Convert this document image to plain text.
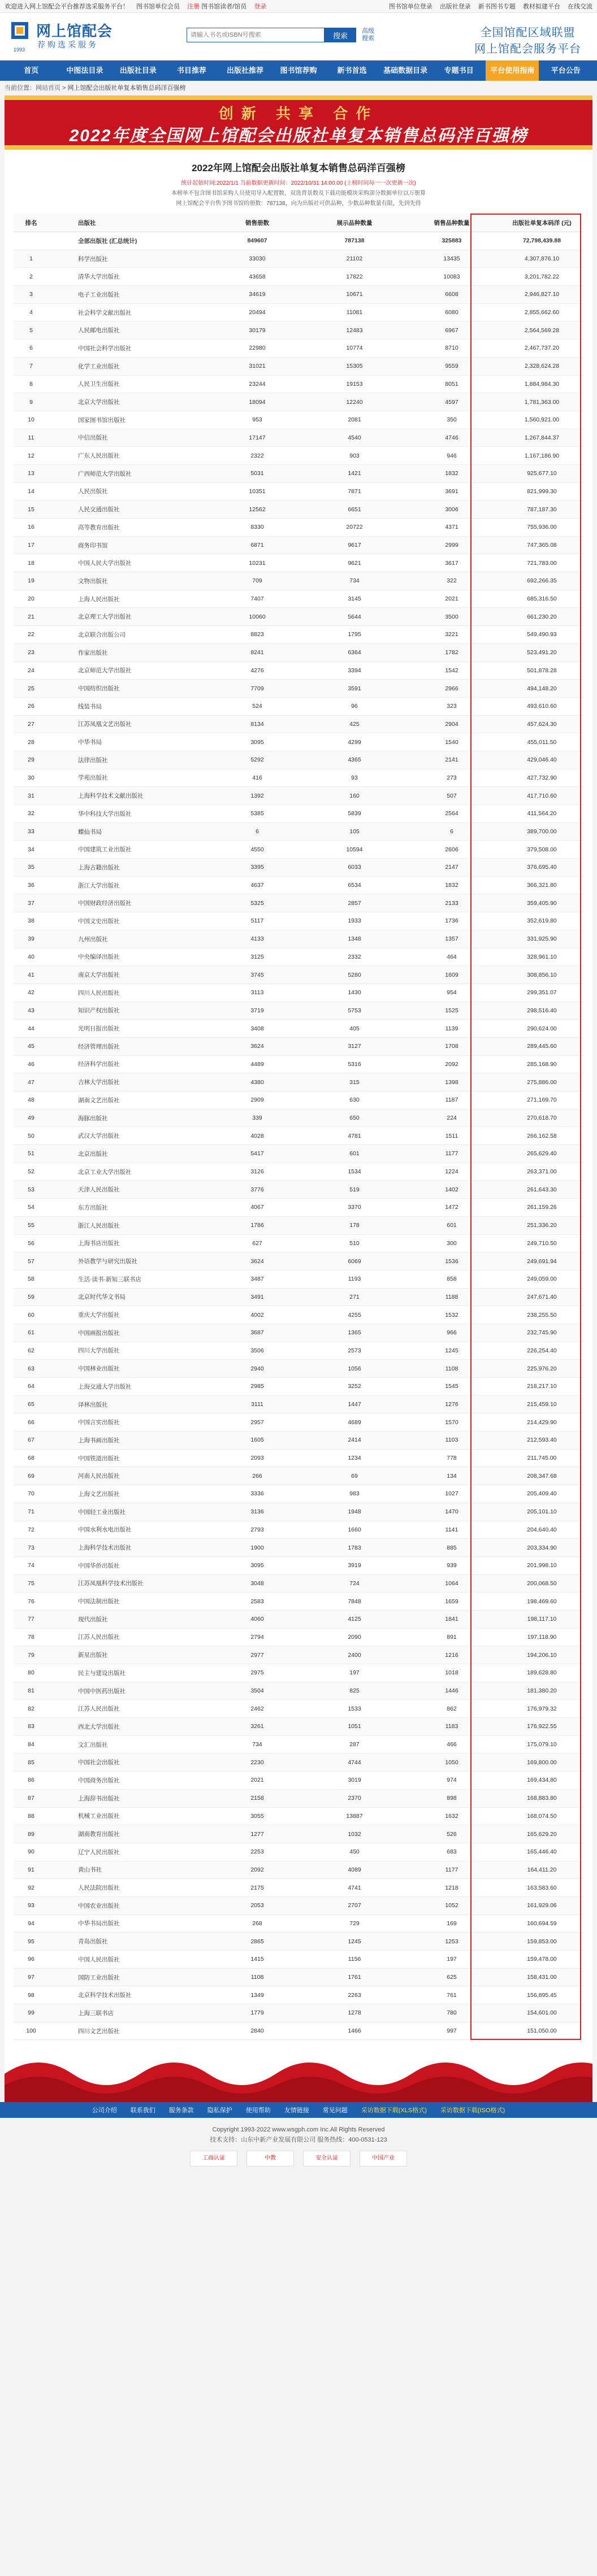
欢迎进入网上馆配会平台推荐选采服务平台！ 图书馆单位会员 注册 图书馆读者/馆员 登录	图书馆单位登录 出版社登录 新书图书专题 教材拟建平台 在线交流
网上馆配会
荐购选采服务
1993
请输入书名或ISBN号搜索
搜索
高级搜索	全国馆配区域联盟
网上馆配会服务平台
首页	中图法目录	出版社目录	书目推荐	出版社推荐	图书馆荐购	新书首选	基础数据目录	专题书目	平台使用指南	平台公告
当前位置：网站首页 > 网上馆配会出版社单复本销售总码洋百强榜
创新 共享 合作
2022年度全国网上馆配会出版社单复本销售总码洋百强榜
2022年网上馆配会出版社单复本销售总码洋百强榜
统计起始时间:2022/1/1 当前数据更新时间：2022/10/31 14:00:00 (上榜时间每一一次更新一次)
本榜单不包含图书馆采购人员使用导入配置数，双选背景数及下载功能模块采购部分数据单位以万册算
网上馆配会平台售予图书馆的册数：787138，向为出版社可供品种，少数品种数量有限，先到先得
排名	出版社	销售册数	展示品种数量	销售品种数量	出版社单复本码洋 (元)
	全部出版社 (汇总统计)	849607	787138	325883	72,798,439.88
1	科学出版社	33030	21102	13435	4,307,876.10
2	清华大学出版社	43658	17822	10083	3,201,782.22
3	电子工业出版社	34619	10671	6608	2,946,827.10
4	社会科学文献出版社	20494	11081	6080	2,855,662.60
5	人民邮电出版社	30179	12483	6967	2,564,569.28
6	中国社会科学出版社	22980	10774	8710	2,467,737.20
7	化学工业出版社	31021	15305	9559	2,328,624.28
8	人民卫生出版社	23244	19153	8051	1,884,984.30
9	北京大学出版社	18094	12240	4597	1,781,363.00
10	国家图书馆出版社	953	2081	350	1,560,921.00
11	中信出版社	17147	4540	4746	1,267,844.37
12	广东人民出版社	2322	903	946	1,167,186.90
13	广西师范大学出版社	5031	1421	1832	925,677.10
14	人民出版社	10351	7871	3691	821,999.30
15	人民交通出版社	12562	6651	3006	787,187.30
16	高等教育出版社	8330	20722	4371	755,936.00
17	商务印书馆	6871	9617	2999	747,365.08
18	中国人民大学出版社	10231	9621	3617	721,783.00
19	文物出版社	709	734	322	692,266.35
20	上海人民出版社	7407	3145	2021	685,316.50
21	北京理工大学出版社	10060	5644	3500	661,230.20
22	北京联合出版公司	8823	1795	3221	549,490.93
23	作家出版社	8241	6364	1782	523,491.20
24	北京师范大学出版社	4276	3394	1542	501,878.28
25	中国纺织出版社	7709	3591	2966	494,148.20
26	线装书局	524	96	323	493,610.60
27	江苏凤凰文艺出版社	8134	425	2904	457,624.30
28	中华书局	3095	4299	1540	455,011.50
29	法律出版社	5292	4365	2141	429,046.40
30	学苑出版社	416	93	273	427,732.90
31	上海科学技术文献出版社	1392	160	507	417,710.60
32	华中科技大学出版社	5385	5839	2564	411,564.20
33	蝶仙书局	6	105	6	389,700.00
34	中国建筑工业出版社	4550	10594	2606	379,508.00
35	上海古籍出版社	3395	6033	2147	376,695.40
36	浙江大学出版社	4637	6534	1832	366,321.80
37	中国财政经济出版社	5325	2857	2133	359,405.90
38	中国文史出版社	5117	1933	1736	352,619.80
39	九州出版社	4133	1348	1357	331,925.90
40	中央编译出版社	3125	2332	464	328,961.10
41	南京大学出版社	3745	5280	1609	308,856.10
42	四川人民出版社	3113	1430	954	299,351.07
43	知识产权出版社	3719	5753	1525	298,516.40
44	光明日报出版社	3408	405	1139	290,624.00
45	经济管理出版社	3624	3127	1708	289,445.60
46	经济科学出版社	4489	5316	2092	285,168.90
47	吉林大学出版社	4380	315	1398	275,886.00
48	湖南文艺出版社	2909	630	1187	271,169.70
49	海豚出版社	339	650	224	270,618.70
50	武汉大学出版社	4028	4781	1511	266,162.58
51	北京出版社	5417	601	1177	265,629.40
52	北京工业大学出版社	3126	1534	1224	263,371.00
53	天津人民出版社	3776	519	1402	261,643.30
54	东方出版社	4067	3370	1472	261,159.26
55	浙江人民出版社	1786	178	601	251,336.20
56	上海书店出版社	627	510	300	249,710.50
57	外语教学与研究出版社	3624	6069	1536	249,691.94
58	生活·读书·新知三联书店	3487	1193	858	249,059.00
59	北京时代华文书局	3491	271	1188	247,671.40
60	重庆大学出版社	4002	4255	1532	238,255.50
61	中国画报出版社	3687	1365	966	232,745.90
62	四川大学出版社	3506	2573	1245	226,254.40
63	中国林业出版社	2940	1056	1108	225,976.20
64	上海交通大学出版社	2985	3252	1545	218,217.10
65	译林出版社	3111	1447	1276	215,459.10
66	中国言实出版社	2957	4689	1570	214,429.90
67	上海书画出版社	1605	2414	1103	212,593.40
68	中国铁道出版社	2093	1234	778	211,745.00
69	河南人民出版社	266	69	134	208,347.68
70	上海文艺出版社	3336	983	1027	205,409.40
71	中国轻工业出版社	3136	1948	1470	205,101.10
72	中国水利水电出版社	2793	1660	1141	204,640.40
73	上海科学技术出版社	1900	1783	885	203,334.90
74	中国华侨出版社	3095	3919	939	201,998.10
75	江苏凤凰科学技术出版社	3048	724	1064	200,068.50
76	中国法制出版社	2583	7848	1659	198,469.60
77	现代出版社	4060	4125	1841	198,117.10
78	江苏人民出版社	2794	2090	891	197,118.90
79	新星出版社	2977	2400	1216	194,206.10
80	民主与建设出版社	2975	197	1018	189,628.80
81	中国中医药出版社	3504	825	1446	181,380.20
82	江苏人民出版社	2462	1533	862	176,979.32
83	西北大学出版社	3261	1051	1183	176,922.55
84	文汇出版社	734	287	466	175,079.10
85	中国社会出版社	2230	4744	1050	169,800.00
86	中国商务出版社	2021	3019	974	169,434.80
87	上海辞书出版社	2158	2370	898	168,883.80
88	机械工业出版社	3055	13887	1632	168,074.50
89	湖南教育出版社	1277	1032	526	165,629.20
90	辽宁人民出版社	2253	450	683	165,446.40
91	黄山书社	2092	4089	1177	164,411.20
92	人民法院出版社	2175	4741	1218	163,583.60
93	中国农业出版社	2053	2707	1052	161,929.06
94	中华书局出版社	268	729	169	160,694.59
95	青岛出版社	2865	1245	1253	159,853.00
96	中国人民出版社	1415	1156	197	159,478.00
97	国防工业出版社	1108	1761	625	158,431.00
98	北京科学技术出版社	1349	2263	761	156,895.45
99	上海三联书店	1779	1278	780	154,601.00
100	四川文艺出版社	2840	1466	997	151,050.00
公司介绍 联系我们 服务条款 隐私保护 使用帮助 友情链接 常见问题 采访数据下载(XLS格式) 采访数据下载(ISO格式)
Copyright 1993-2022 www.wsgph.com Inc.All Rights Reserved
技术支持：山东中新产业发展有限公司 服务热线：400-0531-123
工商认证	中教	安全认证	中国产业
